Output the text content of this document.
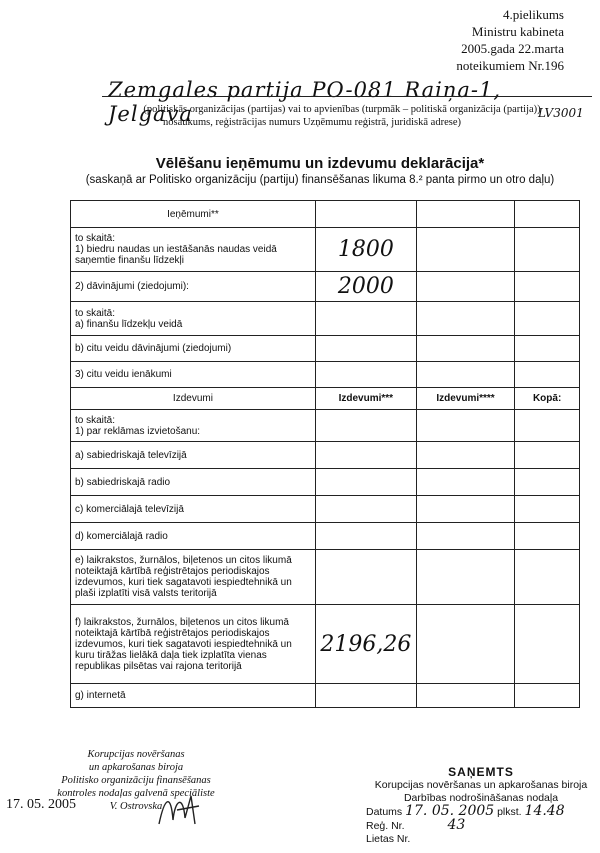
4.pielikums
Ministru kabineta
2005.gada 22.marta
noteikumiem Nr.196
Zemgales partija PO-081 Raiņa-1, Jelgava	LV3001
(politiskās organizācijas (partijas) vai to apvienības (turpmāk – politiskā organizācija (partija))
nosaukums, reģistrācijas numurs Uzņēmumu reģistrā, juridiskā adrese)
Vēlēšanu ieņēmumu un izdevumu deklarācija*
(saskaņā ar Politisko organizāciju (partiju) finansēšanas likuma 8.² panta pirmo un otro daļu)
Ieņēmumi**			
to skaitā:
1) biedru naudas un iestāšanās naudas veidā saņemtie finanšu līdzekļi	1800		
2) dāvinājumi (ziedojumi):	2000		
to skaitā:
a) finanšu līdzekļu veidā			
b) citu veidu dāvinājumi (ziedojumi)			
3) citu veidu ienākumi			
Izdevumi	Izdevumi***	Izdevumi****	Kopā:
to skaitā:
1) par reklāmas izvietošanu:			
a) sabiedriskajā televīzijā			
b) sabiedriskajā radio			
c) komerciālajā televīzijā			
d) komerciālajā radio			
e) laikrakstos, žurnālos, biļetenos un citos likumā noteiktajā kārtībā reģistrētajos periodiskajos izdevumos, kuri tiek sagatavoti iespiedtehnikā un plaši izplatīti visā valsts teritorijā			
f) laikrakstos, žurnālos, biļetenos un citos likumā noteiktajā kārtībā reģistrētajos periodiskajos izdevumos, kuri tiek sagatavoti iespiedtehnikā un kuru tirāžas lielākā daļa tiek izplatīta vienas republikas pilsētas vai rajona teritorijā	2196,26		
g) internetā			
Korupcijas novēršanas
un apkarošanas biroja
Politisko organizāciju finansēšanas
kontroles nodaļas galvenā speciāliste
V. Ostrovska
17. 05. 2005
SAŅEMTS
Korupcijas novēršanas un apkarošanas biroja
Darbības nodrošināšanas nodaļa
Datums 17. 05. 2005 plkst. 14.48
Reģ. Nr.	43
Lietas Nr.
